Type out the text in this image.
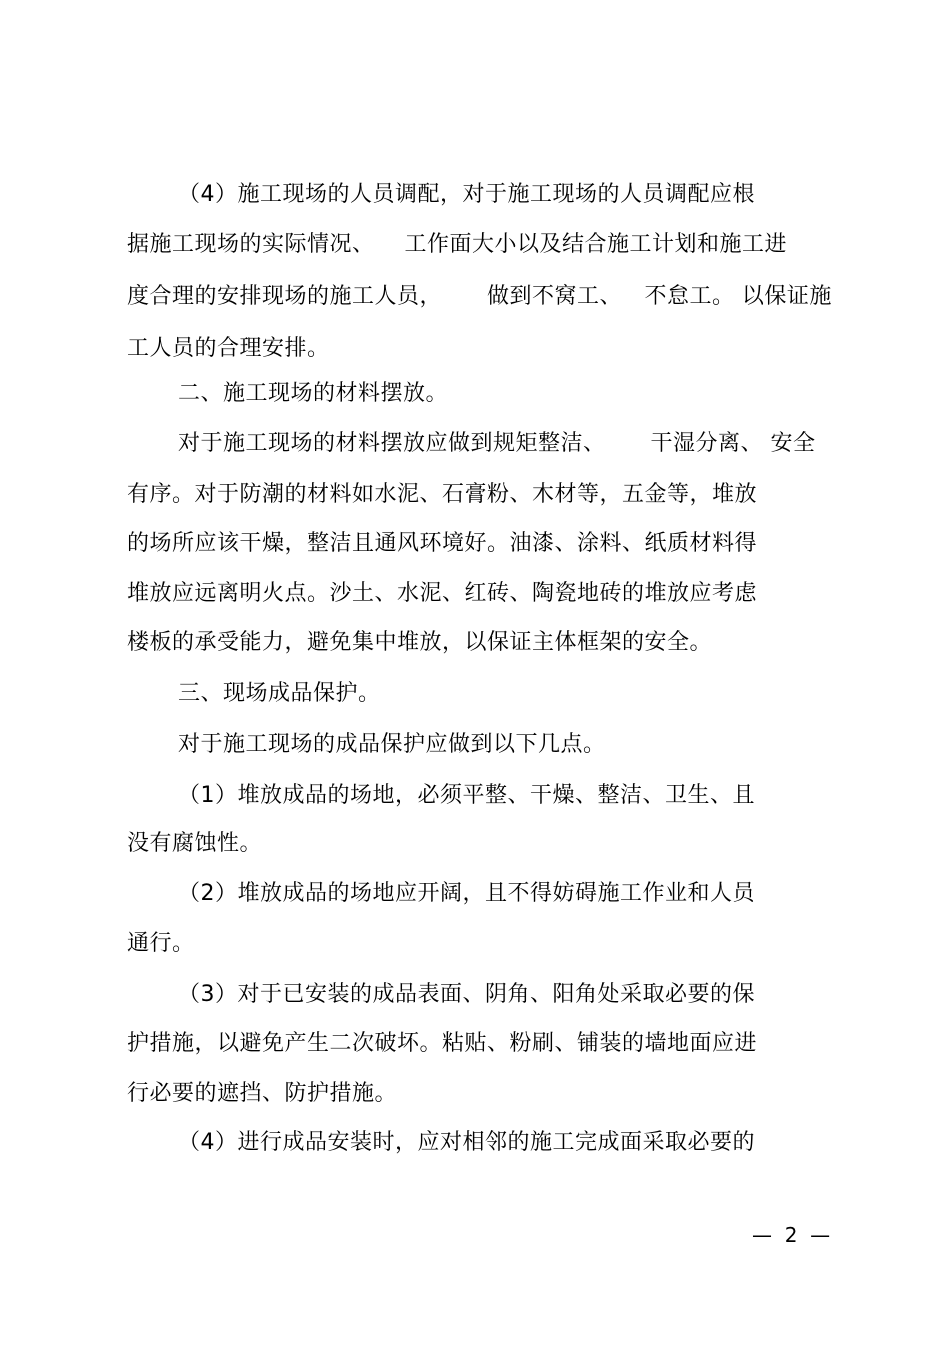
（4）施工现场的人员调配，对于施工现场的人员调配应根
据施工现场的实际情况、    工作面大小以及结合施工计划和施工进
度合理的安排现场的施工人员，      做到不窝工、   不怠工。 以保证施
工人员的合理安排。
二、施工现场的材料摆放。
对于施工现场的材料摆放应做到规矩整洁、      干湿分离、 安全
有序。对于防潮的材料如水泥、石膏粉、木材等，五金等，堆放
的场所应该干燥，整洁且通风环境好。油漆、涂料、纸质材料得
堆放应远离明火点。沙土、水泥、红砖、陶瓷地砖的堆放应考虑
楼板的承受能力，避免集中堆放，以保证主体框架的安全。
三、现场成品保护。
对于施工现场的成品保护应做到以下几点。
（1）堆放成品的场地，必须平整、干燥、整洁、卫生、且
没有腐蚀性。
（2）堆放成品的场地应开阔，且不得妨碍施工作业和人员
通行。
（3）对于已安装的成品表面、阴角、阳角处采取必要的保
护措施，以避免产生二次破坏。粘贴、粉刷、铺装的墙地面应进
行必要的遮挡、防护措施。
（4）进行成品安装时，应对相邻的施工完成面采取必要的
—  2  —
